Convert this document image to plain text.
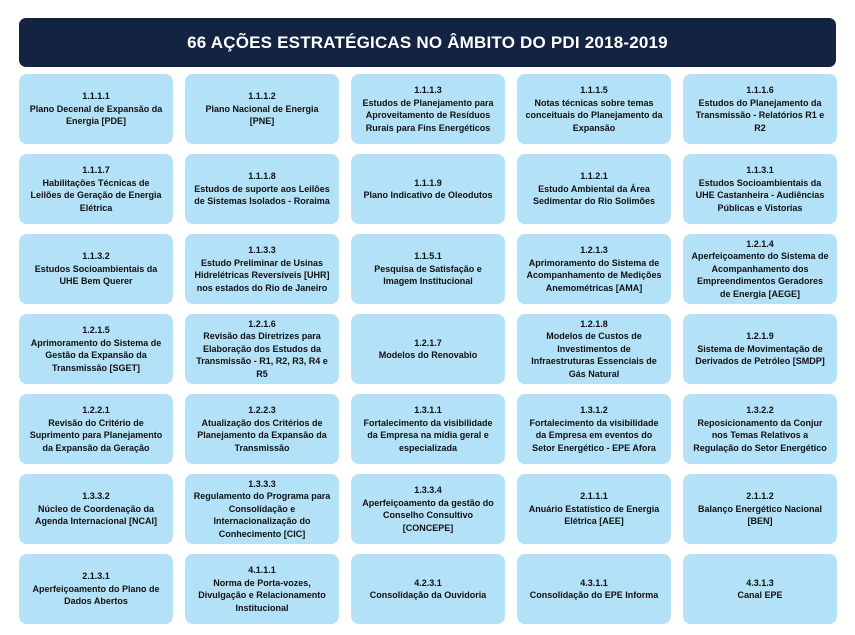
66 AÇÕES ESTRATÉGICAS NO ÂMBITO DO PDI 2018-2019
1.1.1.1
Plano Decenal de Expansão da Energia [PDE]
1.1.1.2
Plano Nacional de Energia [PNE]
1.1.1.3
Estudos de Planejamento para Aproveitamento de Resíduos Rurais para Fins Energéticos
1.1.1.5
Notas técnicas sobre temas conceituais do Planejamento da Expansão
1.1.1.6
Estudos do Planejamento da Transmissão - Relatórios R1 e R2
1.1.1.7
Habilitações Técnicas de Leilões de Geração de Energia Elétrica
1.1.1.8
Estudos de suporte aos Leilões de Sistemas Isolados - Roraima
1.1.1.9
Plano Indicativo de Oleodutos
1.1.2.1
Estudo Ambiental da Área Sedimentar do Rio Solimões
1.1.3.1
Estudos Socioambientais da UHE Castanheira - Audiências Públicas e Vistorias
1.1.3.2
Estudos Socioambientais da UHE Bem Querer
1.1.3.3
Estudo Preliminar de Usinas Hidrelétricas Reversíveis [UHR] nos estados do Rio de Janeiro
1.1.5.1
Pesquisa de Satisfação e Imagem Institucional
1.2.1.3
Aprimoramento do Sistema de Acompanhamento de Medições Anemométricas [AMA]
1.2.1.4
Aperfeiçoamento do Sistema de Acompanhamento dos Empreendimentos Geradores de Energia [AEGE]
1.2.1.5
Aprimoramento do Sistema de Gestão da Expansão da Transmissão [SGET]
1.2.1.6
Revisão das Diretrizes para Elaboração dos Estudos da Transmissão - R1, R2, R3, R4 e R5
1.2.1.7
Modelos do Renovabio
1.2.1.8
Modelos de Custos de Investimentos de Infraestruturas Essenciais de Gás Natural
1.2.1.9
Sistema de Movimentação de Derivados de Petróleo [SMDP]
1.2.2.1
Revisão do Critério de Suprimento para Planejamento da Expansão da Geração
1.2.2.3
Atualização dos Critérios de Planejamento da Expansão da Transmissão
1.3.1.1
Fortalecimento da visibilidade da Empresa na mídia geral e especializada
1.3.1.2
Fortalecimento da visibilidade da Empresa em eventos do Setor Energético - EPE Afora
1.3.2.2
Reposicionamento da Conjur nos Temas Relativos a Regulação do Setor Energético
1.3.3.2
Núcleo de Coordenação da Agenda Internacional [NCAI]
1.3.3.3
Regulamento do Programa para Consolidação e Internacionalização do Conhecimento [CIC]
1.3.3.4
Aperfeiçoamento da gestão do Conselho Consultivo [CONCEPE]
2.1.1.1
Anuário Estatístico de Energia Elétrica [AEE]
2.1.1.2
Balanço Energético Nacional [BEN]
2.1.3.1
Aperfeiçoamento do Plano de Dados Abertos
4.1.1.1
Norma de Porta-vozes, Divulgação e Relacionamento Institucional
4.2.3.1
Consolidação da Ouvidoria
4.3.1.1
Consolidação do EPE Informa
4.3.1.3
Canal EPE
